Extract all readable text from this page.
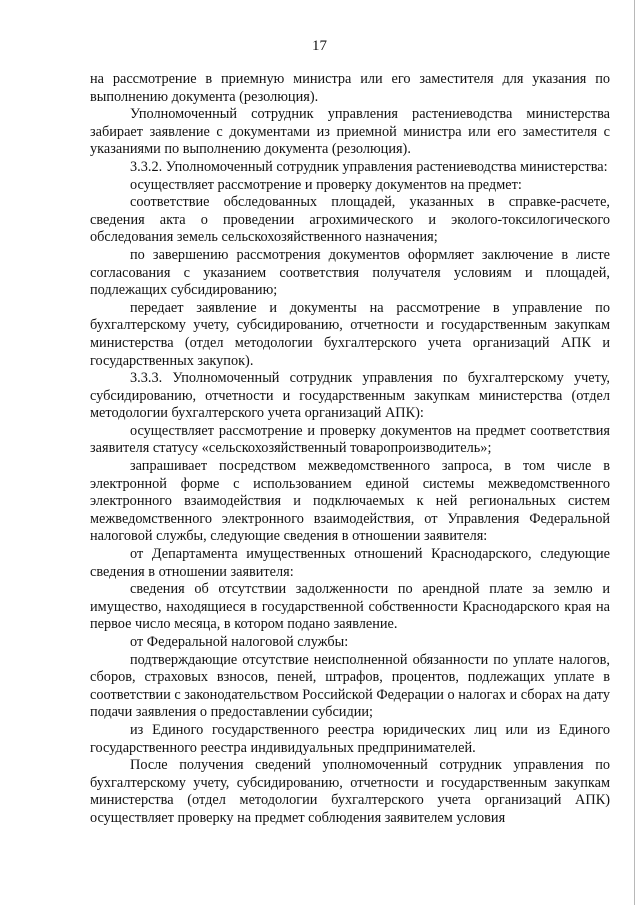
17

на рассмотрение в приемную министра или его заместителя для указания по выполнению документа (резолюция).

Уполномоченный сотрудник управления растениеводства министерства забирает заявление с документами из приемной министра или его заместителя с указаниями по выполнению документа (резолюция).

3.3.2. Уполномоченный сотрудник управления растениеводства министерства:

осуществляет рассмотрение и проверку документов на предмет:

соответствие обследованных площадей, указанных в справке-расчете, сведения акта о проведении агрохимического и эколого-токсилогического обследования земель сельскохозяйственного назначения;

по завершению рассмотрения документов оформляет заключение в листе согласования с указанием соответствия получателя условиям и площадей, подлежащих субсидированию;

передает заявление и документы на рассмотрение в управление по бухгалтерскому учету, субсидированию, отчетности и государственным закупкам министерства (отдел методологии бухгалтерского учета организаций АПК и государственных закупок).

3.3.3. Уполномоченный сотрудник управления по бухгалтерскому учету, субсидированию, отчетности и государственным закупкам министерства (отдел методологии бухгалтерского учета организаций АПК):

осуществляет рассмотрение и проверку документов на предмет соответствия заявителя статусу «сельскохозяйственный товаропроизводитель»;

запрашивает посредством межведомственного запроса, в том числе в электронной форме с использованием единой системы межведомственного электронного взаимодействия и подключаемых к ней региональных систем межведомственного электронного взаимодействия, от Управления Федеральной налоговой службы, следующие сведения в отношении заявителя:

от Департамента имущественных отношений Краснодарского, следующие сведения в отношении заявителя:

сведения об отсутствии задолженности по арендной плате за землю и имущество, находящиеся в государственной собственности Краснодарского края на первое число месяца, в котором подано заявление.

от Федеральной налоговой службы:

подтверждающие отсутствие неисполненной обязанности по уплате налогов, сборов, страховых взносов, пеней, штрафов, процентов, подлежащих уплате в соответствии с законодательством Российской Федерации о налогах и сборах на дату подачи заявления о предоставлении субсидии;

из Единого государственного реестра юридических лиц или из Единого государственного реестра индивидуальных предпринимателей.

После получения сведений уполномоченный сотрудник управления по бухгалтерскому учету, субсидированию, отчетности и государственным закупкам министерства (отдел методологии бухгалтерского учета организаций АПК) осуществляет проверку на предмет соблюдения заявителем условия
